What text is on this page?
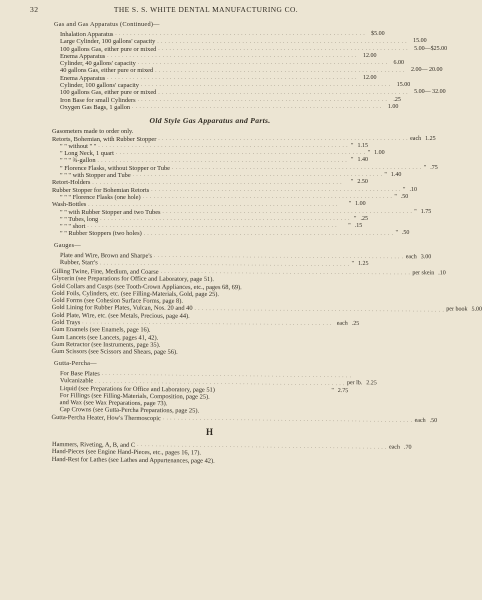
32	THE S. S. WHITE DENTAL MANUFACTURING CO.
Gas and Gas Apparatus (Continued)—
Inhalation Apparatus . . . . . . . . . . . . . . . . . . . . . . . . . . . . . . . . . . . . . . . . . . . . . . . . . . . . . . . . . . . . . . . . . . . . $5.00
Large Cylinder, 100 gallons' capacity . . . . . . . . . . . . . . . . . . . . . . . . . . . . . . . . . . . . . . . . . . . . . . . . . . . . . . . . . . . . . . . . . . . . 15.00
100 gallons Gas, either pure or mixed . . . . . . . . . . . . . . . . . . . . . . . . . . . . . . . . . . . . . . . . . . . . . . . . . . . . . . . . . . . . . . . . . . . . 5.00—$25.00
Enema Apparatus . . . . . . . . . . . . . . . . . . . . . . . . . . . . . . . . . . . . . . . . . . . . . . . . . . . . . . . . . . . . . . . . . . . . 12.00
Cylinder, 40 gallons' capacity . . . . . . . . . . . . . . . . . . . . . . . . . . . . . . . . . . . . . . . . . . . . . . . . . . . . . . . . . . . . . . . . . . . . 6.00
40 gallons Gas, either pure or mixed . . . . . . . . . . . . . . . . . . . . . . . . . . . . . . . . . . . . . . . . . . . . . . . . . . . . . . . . . . . . . . . . . . . . 2.00— 20.00
Enema Apparatus . . . . . . . . . . . . . . . . . . . . . . . . . . . . . . . . . . . . . . . . . . . . . . . . . . . . . . . . . . . . . . . . . . . . 12.00
Cylinder, 100 gallons' capacity . . . . . . . . . . . . . . . . . . . . . . . . . . . . . . . . . . . . . . . . . . . . . . . . . . . . . . . . . . . . . . . . . . . . 15.00
100 gallons Gas, either pure or mixed . . . . . . . . . . . . . . . . . . . . . . . . . . . . . . . . . . . . . . . . . . . . . . . . . . . . . . . . . . . . . . . . . . . . 5.00— 32.00
Iron Base for small Cylinders . . . . . . . . . . . . . . . . . . . . . . . . . . . . . . . . . . . . . . . . . . . . . . . . . . . . . . . . . . . . . . . . . . . . .25
Oxygen Gas Bags, 1 gallon . . . . . . . . . . . . . . . . . . . . . . . . . . . . . . . . . . . . . . . . . . . . . . . . . . . . . . . . . . . . . . . . . . . . 1.00
Old Style Gas Apparatus and Parts.
Gasometers made to order only.
Retorts, Bohemian, with Rubber Stopper . . . . . . . . . . . . . . . . . . . . . . . . . . . . . . . . . . . . . . . . . . . . . . . . . . . . . . . . . . . . . . . . . . . . each 1.25
" " without " " . . . . . . . . . . . . . . . . . . . . . . . . . . . . . . . . . . . . . . . . . . . . . . . . . . . . . . . . . . . . . . . . . . . . " 1.15
" Long Neck, 1 quart . . . . . . . . . . . . . . . . . . . . . . . . . . . . . . . . . . . . . . . . . . . . . . . . . . . . . . . . . . . . . . . . . . . . " 1.00
" " " ¾-gallon . . . . . . . . . . . . . . . . . . . . . . . . . . . . . . . . . . . . . . . . . . . . . . . . . . . . . . . . . . . . . . . . . . . . " 1.40
" Florence Flasks, without Stopper or Tube . . . . . . . . . . . . . . . . . . . . . . . . . . . . . . . . . . . . . . . . . . . . . . . . . . . . . . . . . . . . . . . . . . . . " .75
" " " with Stopper and Tube . . . . . . . . . . . . . . . . . . . . . . . . . . . . . . . . . . . . . . . . . . . . . . . . . . . . . . . . . . . . . . . . . . . . " 1.40
Retort-Holders . . . . . . . . . . . . . . . . . . . . . . . . . . . . . . . . . . . . . . . . . . . . . . . . . . . . . . . . . . . . . . . . . . . .	" 2.50
Rubber Stopper for Bohemian Retorts . . . . . . . . . . . . . . . . . . . . . . . . . . . . . . . . . . . . . . . . . . . . . . . . . . . . . . . . . . . . . . . . . . . . " .10
" " " Florence Flasks (one hole) . . . . . . . . . . . . . . . . . . . . . . . . . . . . . . . . . . . . . . . . . . . . . . . . . . . . . . . . . . . . . . . . . . . . " .50
Wash-Bottles . . . . . . . . . . . . . . . . . . . . . . . . . . . . . . . . . . . . . . . . . . . . . . . . . . . . . . . . . . . . . . . . . . . .	" 1.00
" " with Rubber Stopper and two Tubes . . . . . . . . . . . . . . . . . . . . . . . . . . . . . . . . . . . . . . . . . . . . . . . . . . . . . . . . . . . . . . . . . . . . " 1.75
" " Tubes, long . . . . . . . . . . . . . . . . . . . . . . . . . . . . . . . . . . . . . . . . . . . . . . . . . . . . . . . . . . . . . . . . . . . . " .25
" " " short . . . . . . . . . . . . . . . . . . . . . . . . . . . . . . . . . . . . . . . . . . . . . . . . . . . . . . . . . . . . . . . . . . . .	" .15
" " Rubber Stoppers (two holes) . . . . . . . . . . . . . . . . . . . . . . . . . . . . . . . . . . . . . . . . . . . . . . . . . . . . . . . . . . . . . . . . . . . . " .50
Gauges—
Plate and Wire, Brown and Sharpe's . . . . . . . . . . . . . . . . . . . . . . . . . . . . . . . . . . . . . . . . . . . . . . . . . . . . . . . . . . . . . . . . . . . . each 3.00
Rubber, Starr's . . . . . . . . . . . . . . . . . . . . . . . . . . . . . . . . . . . . . . . . . . . . . . . . . . . . . . . . . . . . . . . . . . . . " 1.25
Gilling Twine, Fine, Medium, and Coarse . . . . . . . . . . . . . . . . . . . . . . . . . . . . . . . . . . . . . . . . . . . . . . . . . . . . . . . . . . . . . . . . . . . . per skein .10
Glycerin (see Preparations for Office and Laboratory, page 51).
Gold Collars and Cusps (see Tooth-Crown Appliances, etc., pages 68, 69).
Gold Foils, Cylinders, etc. (see Filling-Materials, Gold, page 25).
Gold Forms (see Cohesion Surface Forms, page 8).
Gold Lining for Rubber Plates, Vulcan, Nos. 20 and 40 . . . . . . . . . . . . . . . . . . . . . . . . . . . . . . . . . . . . . . . . . . . . . . . . . . . . . . . . . . . . . . . . . . . . per book 5.00
Gold Plate, Wire, etc. (see Metals, Precious, page 44).
Gold Trays . . . . . . . . . . . . . . . . . . . . . . . . . . . . . . . . . . . . . . . . . . . . . . . . . . . . . . . . . . . . . . . . . . . . each .25
Gum Enamels (see Enamels, page 16).
Gum Lancets (see Lancets, pages 41, 42).
Gum Retractor (see Instruments, page 35).
Gum Scissors (see Scissors and Shears, page 56).
Gutta-Percha—
For Base Plates . . . . . . . . . . . . . . . . . . . . . . . . . . . . . . . . . . . . . . . . . . . . . . . . . . . . . . . . . . . . . . . . . . . .
Vulcanizable . . . . . . . . . . . . . . . . . . . . . . . . . . . . . . . . . . . . . . . . . . . . . . . . . . . . . . . . . . . . . . . . . . . . per lb. 2.25
Liquid (see Preparations for Office and Laboratory, page 51)	" 2.75
For Fillings (see Filling-Materials, Composition, page 25).
and Wax (see Wax Preparations, page 73).
Cap Crowns (see Gutta-Percha Preparations, page 25).
Gutta-Percha Heater, How's Thermoscopic . . . . . . . . . . . . . . . . . . . . . . . . . . . . . . . . . . . . . . . . . . . . . . . . . . . . . . . . . . . . . . . . . . . . each .50
H
Hammers, Riveting, A, B, and C . . . . . . . . . . . . . . . . . . . . . . . . . . . . . . . . . . . . . . . . . . . . . . . . . . . . . . . . . . . . . . . . . . . . each .70
Hand-Pieces (see Engine Hand-Pieces, etc., pages 16, 17).
Hand-Rest for Lathes (see Lathes and Appurtenances, page 42).
